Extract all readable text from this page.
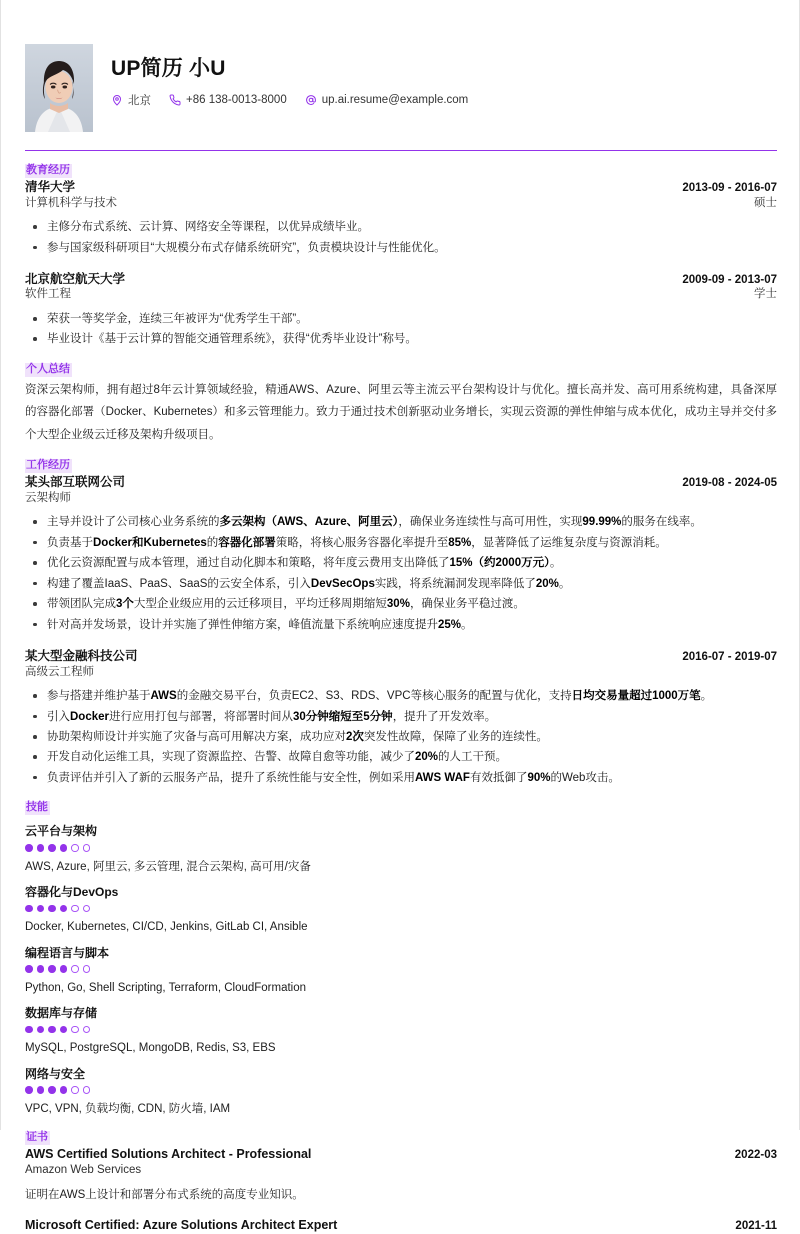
UP简历 小U
北京	+86 138-0013-8000	up.ai.resume@example.com
教育经历
清华大学	2013-09 - 2016-07
计算机科学与技术	硕士
主修分布式系统、云计算、网络安全等课程，以优异成绩毕业。
参与国家级科研项目“大规模分布式存储系统研究”，负责模块设计与性能优化。
北京航空航天大学	2009-09 - 2013-07
软件工程	学士
荣获一等奖学金，连续三年被评为“优秀学生干部”。
毕业设计《基于云计算的智能交通管理系统》，获得“优秀毕业设计”称号。
个人总结
资深云架构师，拥有超过8年云计算领域经验，精通AWS、Azure、阿里云等主流云平台架构设计与优化。擅长高并发、高可用系统构建，具备深厚的容器化部署（Docker、Kubernetes）和多云管理能力。致力于通过技术创新驱动业务增长，实现云资源的弹性伸缩与成本优化，成功主导并交付多个大型企业级云迁移及架构升级项目。
工作经历
某头部互联网公司	2019-08 - 2024-05
云架构师
主导并设计了公司核心业务系统的多云架构（AWS、Azure、阿里云），确保业务连续性与高可用性，实现99.99%的服务在线率。
负责基于Docker和Kubernetes的容器化部署策略，将核心服务容器化率提升至85%，显著降低了运维复杂度与资源消耗。
优化云资源配置与成本管理，通过自动化脚本和策略，将年度云费用支出降低了15%（约2000万元）。
构建了覆盖IaaS、PaaS、SaaS的云安全体系，引入DevSecOps实践，将系统漏洞发现率降低了20%。
带领团队完成3个大型企业级应用的云迁移项目，平均迁移周期缩短30%，确保业务平稳过渡。
针对高并发场景，设计并实施了弹性伸缩方案，峰值流量下系统响应速度提升25%。
某大型金融科技公司	2016-07 - 2019-07
高级云工程师
参与搭建并维护基于AWS的金融交易平台，负责EC2、S3、RDS、VPC等核心服务的配置与优化，支持日均交易量超过1000万笔。
引入Docker进行应用打包与部署，将部署时间从30分钟缩短至5分钟，提升了开发效率。
协助架构师设计并实施了灾备与高可用解决方案，成功应对2次突发性故障，保障了业务的连续性。
开发自动化运维工具，实现了资源监控、告警、故障自愈等功能，减少了20%的人工干预。
负责评估并引入了新的云服务产品，提升了系统性能与安全性，例如采用AWS WAF有效抵御了90%的Web攻击。
技能
云平台与架构
AWS, Azure, 阿里云, 多云管理, 混合云架构, 高可用/灾备
容器化与DevOps
Docker, Kubernetes, CI/CD, Jenkins, GitLab CI, Ansible
编程语言与脚本
Python, Go, Shell Scripting, Terraform, CloudFormation
数据库与存储
MySQL, PostgreSQL, MongoDB, Redis, S3, EBS
网络与安全
VPC, VPN, 负载均衡, CDN, 防火墙, IAM
证书
AWS Certified Solutions Architect - Professional	2022-03
Amazon Web Services
证明在AWS上设计和部署分布式系统的高度专业知识。
Microsoft Certified: Azure Solutions Architect Expert	2021-11
